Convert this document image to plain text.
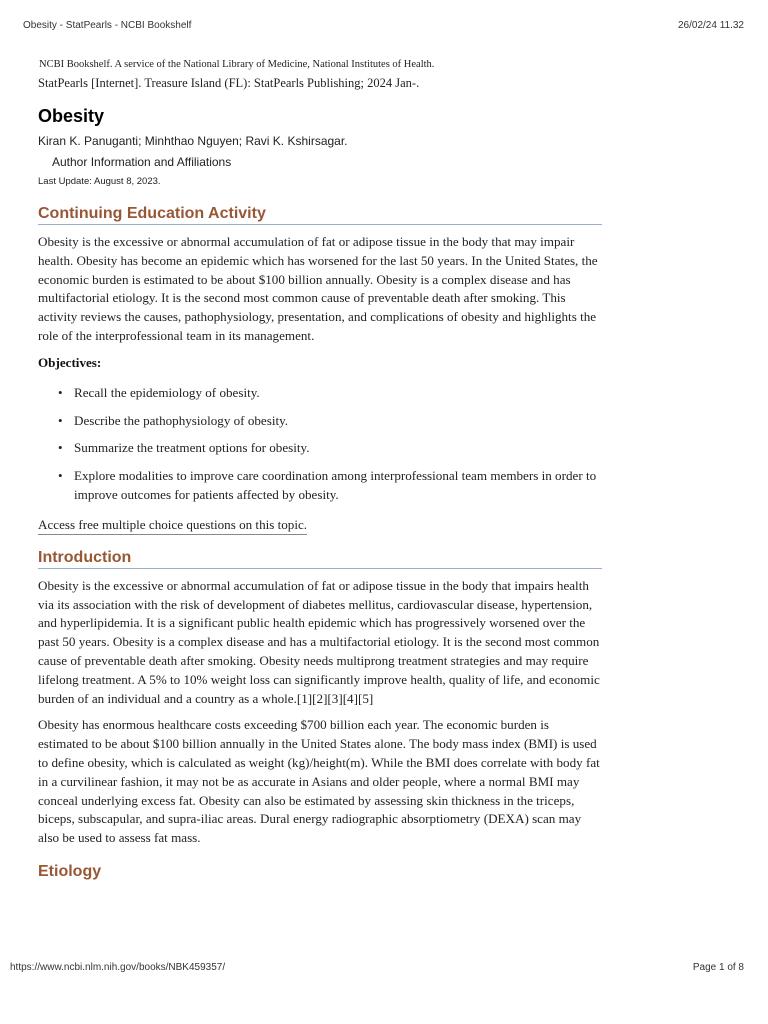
Obesity - StatPearls - NCBI Bookshelf	26/02/24 11.32
NCBI Bookshelf. A service of the National Library of Medicine, National Institutes of Health.
StatPearls [Internet]. Treasure Island (FL): StatPearls Publishing; 2024 Jan-.
Obesity
Kiran K. Panuganti; Minhthao Nguyen; Ravi K. Kshirsagar.
Author Information and Affiliations
Last Update: August 8, 2023.
Continuing Education Activity

Obesity is the excessive or abnormal accumulation of fat or adipose tissue in the body that may impair health. Obesity has become an epidemic which has worsened for the last 50 years. In the United States, the economic burden is estimated to be about $100 billion annually. Obesity is a complex disease and has multifactorial etiology. It is the second most common cause of preventable death after smoking. This activity reviews the causes, pathophysiology, presentation, and complications of obesity and highlights the role of the interprofessional team in its management.

Objectives:
• Recall the epidemiology of obesity.
• Describe the pathophysiology of obesity.
• Summarize the treatment options for obesity.
• Explore modalities to improve care coordination among interprofessional team members in order to improve outcomes for patients affected by obesity.
Access free multiple choice questions on this topic.
Introduction

Obesity is the excessive or abnormal accumulation of fat or adipose tissue in the body that impairs health via its association with the risk of development of diabetes mellitus, cardiovascular disease, hypertension, and hyperlipidemia. It is a significant public health epidemic which has progressively worsened over the past 50 years. Obesity is a complex disease and has a multifactorial etiology. It is the second most common cause of preventable death after smoking. Obesity needs multiprong treatment strategies and may require lifelong treatment. A 5% to 10% weight loss can significantly improve health, quality of life, and economic burden of an individual and a country as a whole.[1][2][3][4][5]

Obesity has enormous healthcare costs exceeding $700 billion each year. The economic burden is estimated to be about $100 billion annually in the United States alone. The body mass index (BMI) is used to define obesity, which is calculated as weight (kg)/height(m). While the BMI does correlate with body fat in a curvilinear fashion, it may not be as accurate in Asians and older people, where a normal BMI may conceal underlying excess fat. Obesity can also be estimated by assessing skin thickness in the triceps, biceps, subscapular, and supra-iliac areas. Dural energy radiographic absorptiometry (DEXA) scan may also be used to assess fat mass.

Etiology
https://www.ncbi.nlm.nih.gov/books/NBK459357/	Page 1 of 8
